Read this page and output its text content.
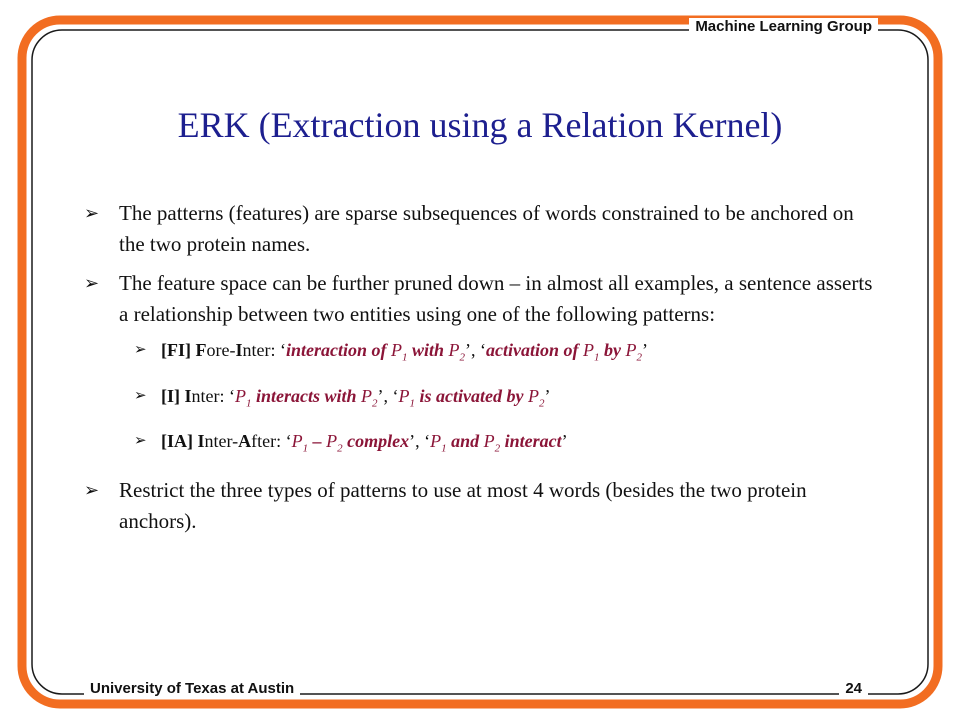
Machine Learning Group
University of Texas at Austin	24
ERK (Extraction using a Relation Kernel)
➢ The patterns (features) are sparse subsequences of words constrained to be anchored on the two protein names.
➢ The feature space can be further pruned down – in almost all examples, a sentence asserts a relationship between two entities using one of the following patterns:
➢ [FI] Fore-Inter: ‘interaction of $P_1$ with $P_2$’, ‘activation of $P_1$ by $P_2$’
➢ [I] Inter: ‘$P_1$ interacts with $P_2$’, ‘$P_1$ is activated by $P_2$’
➢ [IA] Inter-After: ‘$P_1 - P_2$ complex’, ‘$P_1$ and $P_2$ interact’
➢ Restrict the three types of patterns to use at most 4 words (besides the two protein anchors).
